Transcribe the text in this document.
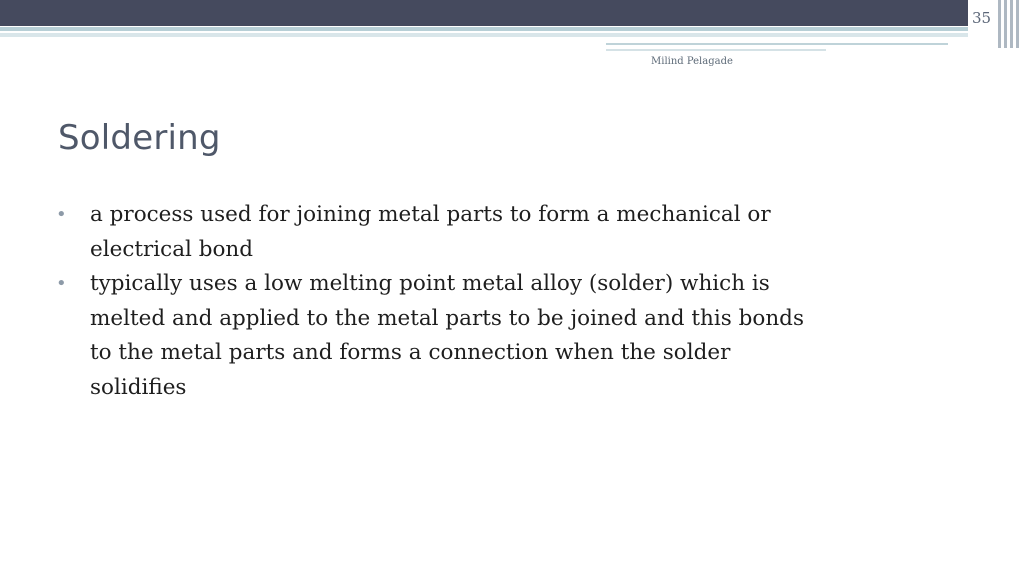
35
Milind Pelagade
Soldering
•	a process used for joining metal parts to form a mechanical or
electrical bond
•	typically uses a low melting point metal alloy (solder) which is
melted and applied to the metal parts to be joined and this bonds
to the metal parts and forms a connection when the solder
solidifies
